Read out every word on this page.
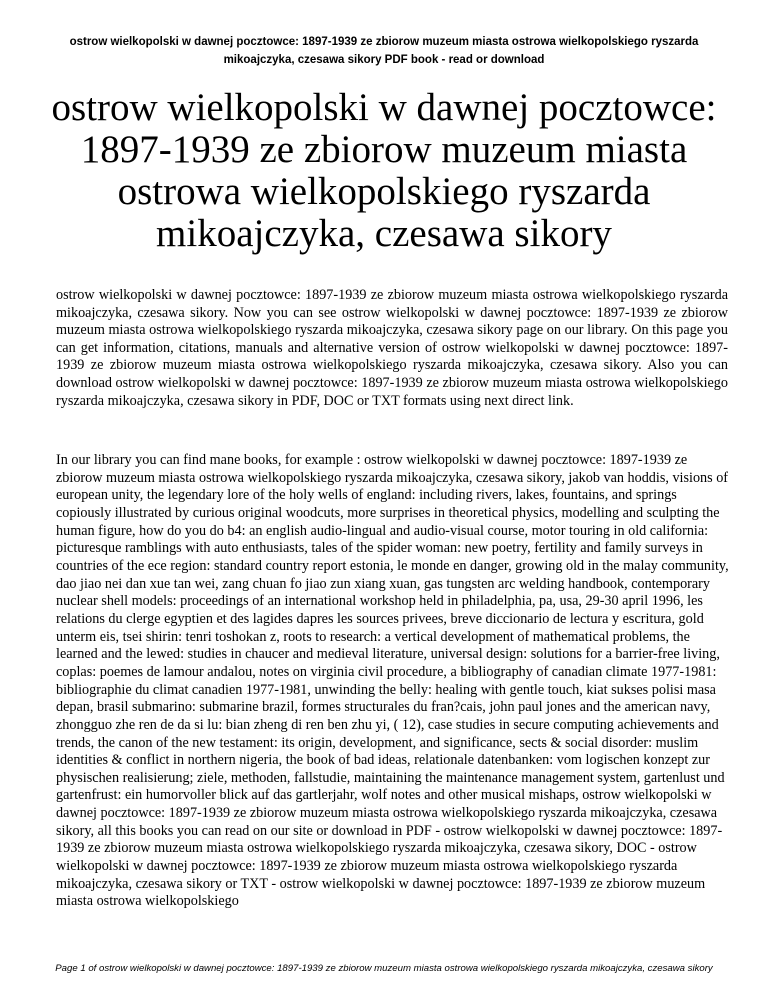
ostrow wielkopolski w dawnej pocztowce: 1897-1939 ze zbiorow muzeum miasta ostrowa wielkopolskiego ryszarda mikoajczyka, czesawa sikory PDF book - read or download
ostrow wielkopolski w dawnej pocztowce: 1897-1939 ze zbiorow muzeum miasta ostrowa wielkopolskiego ryszarda mikoajczyka, czesawa sikory

ostrow wielkopolski w dawnej pocztowce: 1897-1939 ze zbiorow muzeum miasta ostrowa wielkopolskiego ryszarda mikoajczyka, czesawa sikory. Now you can see ostrow wielkopolski w dawnej pocztowce: 1897-1939 ze zbiorow muzeum miasta ostrowa wielkopolskiego ryszarda mikoajczyka, czesawa sikory page on our library. On this page you can get information, citations, manuals and alternative version of ostrow wielkopolski w dawnej pocztowce: 1897-1939 ze zbiorow muzeum miasta ostrowa wielkopolskiego ryszarda mikoajczyka, czesawa sikory. Also you can download ostrow wielkopolski w dawnej pocztowce: 1897-1939 ze zbiorow muzeum miasta ostrowa wielkopolskiego ryszarda mikoajczyka, czesawa sikory in PDF, DOC or TXT formats using next direct link.

In our library you can find mane books, for example : ostrow wielkopolski w dawnej pocztowce: 1897-1939 ze zbiorow muzeum miasta ostrowa wielkopolskiego ryszarda mikoajczyka, czesawa sikory, jakob van hoddis, visions of european unity, the legendary lore of the holy wells of england: including rivers, lakes, fountains, and springs copiously illustrated by curious original woodcuts, more surprises in theoretical physics, modelling and sculpting the human figure, how do you do b4: an english audio-lingual and audio-visual course, motor touring in old california: picturesque ramblings with auto enthusiasts, tales of the spider woman: new poetry, fertility and family surveys in countries of the ece region: standard country report estonia, le monde en danger, growing old in the malay community, dao jiao nei dan xue tan wei, zang chuan fo jiao zun xiang xuan, gas tungsten arc welding handbook, contemporary nuclear shell models: proceedings of an international workshop held in philadelphia, pa, usa, 29-30 april 1996, les relations du clerge egyptien et des lagides dapres les sources privees, breve diccionario de lectura y escritura, gold unterm eis, tsei shirin: tenri toshokan z, roots to research: a vertical development of mathematical problems, the learned and the lewed: studies in chaucer and medieval literature, universal design: solutions for a barrier-free living, coplas: poemes de lamour andalou, notes on virginia civil procedure, a bibliography of canadian climate 1977-1981: bibliographie du climat canadien 1977-1981, unwinding the belly: healing with gentle touch, kiat sukses polisi masa depan, brasil submarino: submarine brazil, formes structurales du fran?cais, john paul jones and the american navy, zhongguo zhe ren de da si lu: bian zheng di ren ben zhu yi, ( 12), case studies in secure computing achievements and trends, the canon of the new testament: its origin, development, and significance, sects & social disorder: muslim identities & conflict in northern nigeria, the book of bad ideas, relationale datenbanken: vom logischen konzept zur physischen realisierung; ziele, methoden, fallstudie, maintaining the maintenance management system, gartenlust und gartenfrust: ein humorvoller blick auf das gartlerjahr, wolf notes and other musical mishaps, ostrow wielkopolski w dawnej pocztowce: 1897-1939 ze zbiorow muzeum miasta ostrowa wielkopolskiego ryszarda mikoajczyka, czesawa sikory, all this books you can read on our site or download in PDF - ostrow wielkopolski w dawnej pocztowce: 1897-1939 ze zbiorow muzeum miasta ostrowa wielkopolskiego ryszarda mikoajczyka, czesawa sikory, DOC - ostrow wielkopolski w dawnej pocztowce: 1897-1939 ze zbiorow muzeum miasta ostrowa wielkopolskiego ryszarda mikoajczyka, czesawa sikory or TXT - ostrow wielkopolski w dawnej pocztowce: 1897-1939 ze zbiorow muzeum miasta ostrowa wielkopolskiego

Page 1 of ostrow wielkopolski w dawnej pocztowce: 1897-1939 ze zbiorow muzeum miasta ostrowa wielkopolskiego ryszarda mikoajczyka, czesawa sikory
